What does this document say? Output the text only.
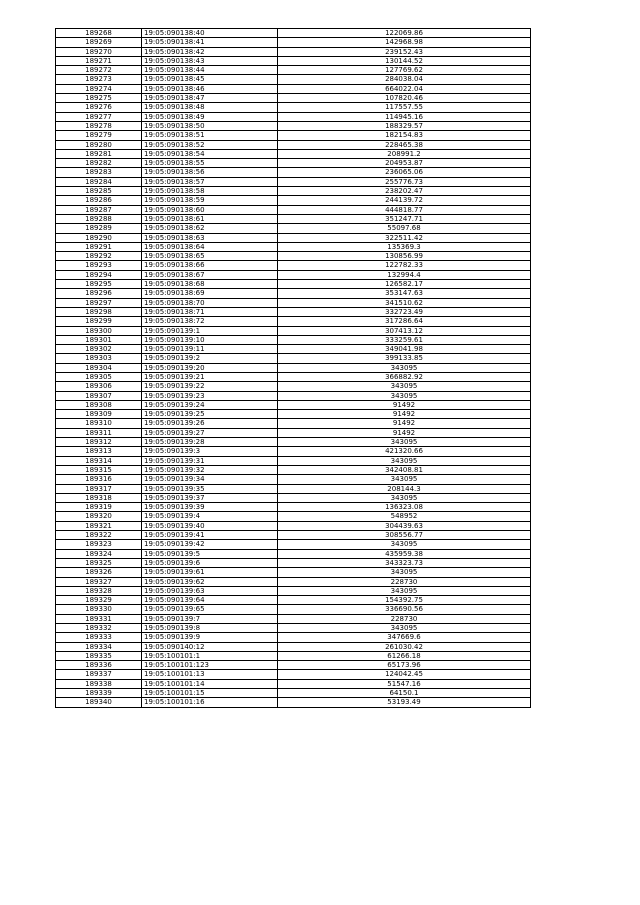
189268	19:05:090138:40	122069.86
189269	19:05:090138:41	142968.98
189270	19:05:090138:42	239152.43
189271	19:05:090138:43	130144.52
189272	19:05:090138:44	127769.62
189273	19:05:090138:45	284038.04
189274	19:05:090138:46	664022.04
189275	19:05:090138:47	107820.46
189276	19:05:090138:48	117557.55
189277	19:05:090138:49	114945.16
189278	19:05:090138:50	188329.57
189279	19:05:090138:51	182154.83
189280	19:05:090138:52	228465.38
189281	19:05:090138:54	208991.2
189282	19:05:090138:55	204953.87
189283	19:05:090138:56	236065.06
189284	19:05:090138:57	255776.73
189285	19:05:090138:58	238202.47
189286	19:05:090138:59	244139.72
189287	19:05:090138:60	444818.77
189288	19:05:090138:61	351247.71
189289	19:05:090138:62	55097.68
189290	19:05:090138:63	322511.42
189291	19:05:090138:64	135369.3
189292	19:05:090138:65	130856.99
189293	19:05:090138:66	122782.33
189294	19:05:090138:67	132994.4
189295	19:05:090138:68	126582.17
189296	19:05:090138:69	353147.63
189297	19:05:090138:70	341510.62
189298	19:05:090138:71	332723.49
189299	19:05:090138:72	317286.64
189300	19:05:090139:1	307413.12
189301	19:05:090139:10	333259.61
189302	19:05:090139:11	349041.98
189303	19:05:090139:2	399133.85
189304	19:05:090139:20	343095
189305	19:05:090139:21	366882.92
189306	19:05:090139:22	343095
189307	19:05:090139:23	343095
189308	19:05:090139:24	91492
189309	19:05:090139:25	91492
189310	19:05:090139:26	91492
189311	19:05:090139:27	91492
189312	19:05:090139:28	343095
189313	19:05:090139:3	421320.66
189314	19:05:090139:31	343095
189315	19:05:090139:32	342408.81
189316	19:05:090139:34	343095
189317	19:05:090139:35	208144.3
189318	19:05:090139:37	343095
189319	19:05:090139:39	136323.08
189320	19:05:090139:4	548952
189321	19:05:090139:40	304439.63
189322	19:05:090139:41	308556.77
189323	19:05:090139:42	343095
189324	19:05:090139:5	435959.38
189325	19:05:090139:6	343323.73
189326	19:05:090139:61	343095
189327	19:05:090139:62	228730
189328	19:05:090139:63	343095
189329	19:05:090139:64	154392.75
189330	19:05:090139:65	336690.56
189331	19:05:090139:7	228730
189332	19:05:090139:8	343095
189333	19:05:090139:9	347669.6
189334	19:05:090140:12	261030.42
189335	19:05:100101:1	61266.18
189336	19:05:100101:123	65173.96
189337	19:05:100101:13	124042.45
189338	19:05:100101:14	51547.16
189339	19:05:100101:15	64150.1
189340	19:05:100101:16	53193.49
